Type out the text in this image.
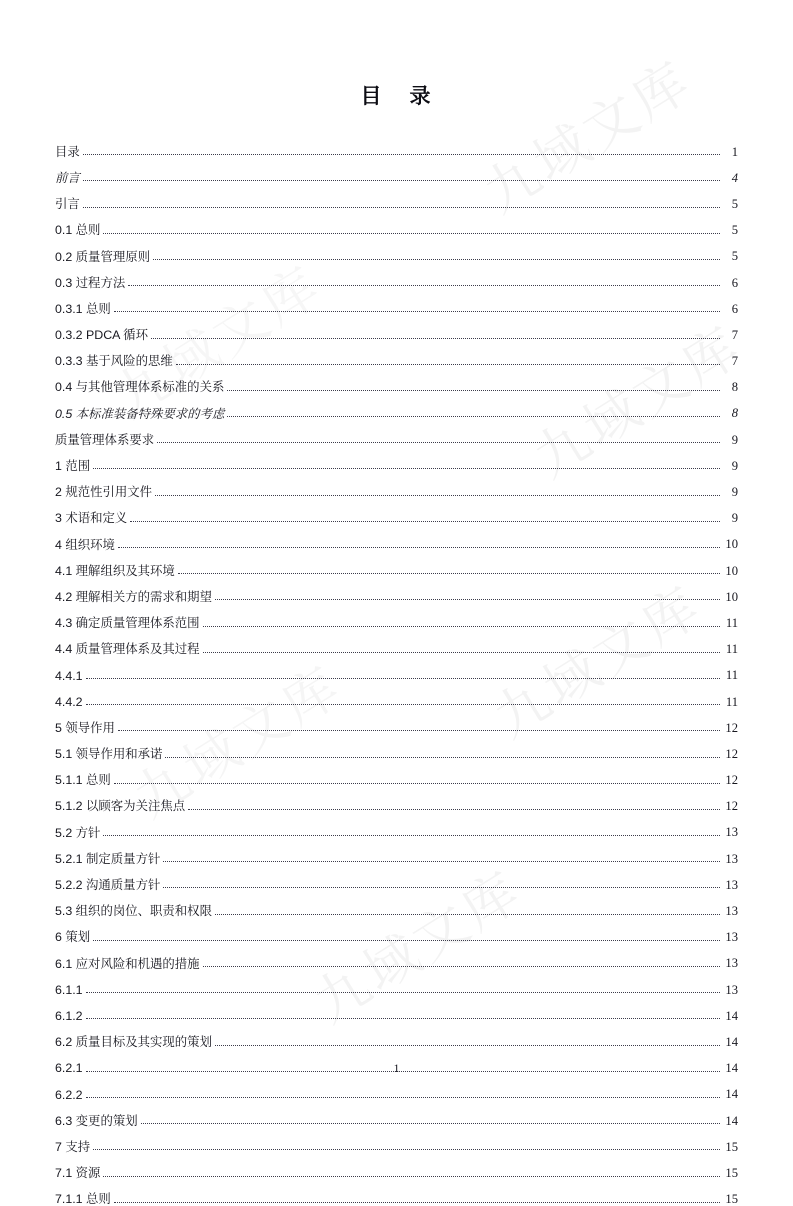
目 录
目录	1
前言	4
引言	5
0.1 总则	5
0.2 质量管理原则	5
0.3 过程方法	6
0.3.1 总则	6
0.3.2 PDCA 循环	7
0.3.3 基于风险的思维	7
0.4 与其他管理体系标准的关系	8
0.5 本标准装备特殊要求的考虑	8
质量管理体系要求	9
1 范围	9
2 规范性引用文件	9
3 术语和定义	9
4 组织环境	10
4.1 理解组织及其环境	10
4.2 理解相关方的需求和期望	10
4.3 确定质量管理体系范围	11
4.4 质量管理体系及其过程	11
4.4.1	11
4.4.2	11
5 领导作用	12
5.1 领导作用和承诺	12
5.1.1 总则	12
5.1.2 以顾客为关注焦点	12
5.2 方针	13
5.2.1 制定质量方针	13
5.2.2 沟通质量方针	13
5.3 组织的岗位、职责和权限	13
6 策划	13
6.1 应对风险和机遇的措施	13
6.1.1	13
6.1.2	14
6.2 质量目标及其实现的策划	14
6.2.1	14
6.2.2	14
6.3 变更的策划	14
7 支持	15
7.1 资源	15
7.1.1 总则	15
1
